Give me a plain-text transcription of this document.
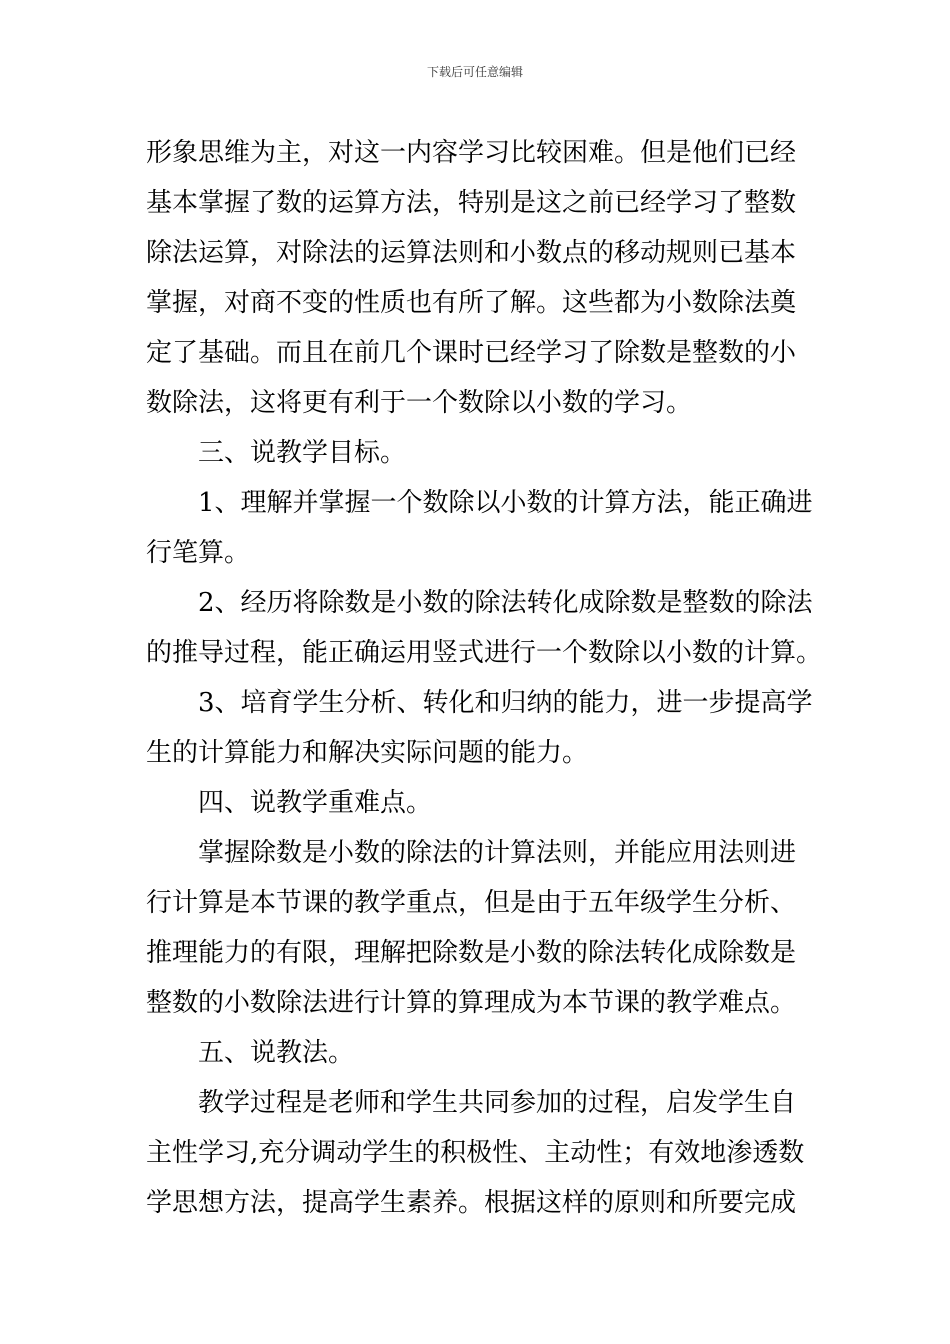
下载后可任意编辑

形象思维为主，对这一内容学习比较困难。但是他们已经
基本掌握了数的运算方法，特别是这之前已经学习了整数
除法运算，对除法的运算法则和小数点的移动规则已基本
掌握，对商不变的性质也有所了解。这些都为小数除法奠
定了基础。而且在前几个课时已经学习了除数是整数的小
数除法，这将更有利于一个数除以小数的学习。

三、说教学目标。

1、理解并掌握一个数除以小数的计算方法，能正确进
行笔算。

2、经历将除数是小数的除法转化成除数是整数的除法
的推导过程，能正确运用竖式进行一个数除以小数的计算。

3、培育学生分析、转化和归纳的能力，进一步提高学
生的计算能力和解决实际问题的能力。

四、说教学重难点。

掌握除数是小数的除法的计算法则，并能应用法则进
行计算是本节课的教学重点，但是由于五年级学生分析、
推理能力的有限，理解把除数是小数的除法转化成除数是
整数的小数除法进行计算的算理成为本节课的教学难点。

五、说教法。

教学过程是老师和学生共同参加的过程，启发学生自
主性学习,充分调动学生的积极性、主动性；有效地渗透数
学思想方法，提高学生素养。根据这样的原则和所要完成
